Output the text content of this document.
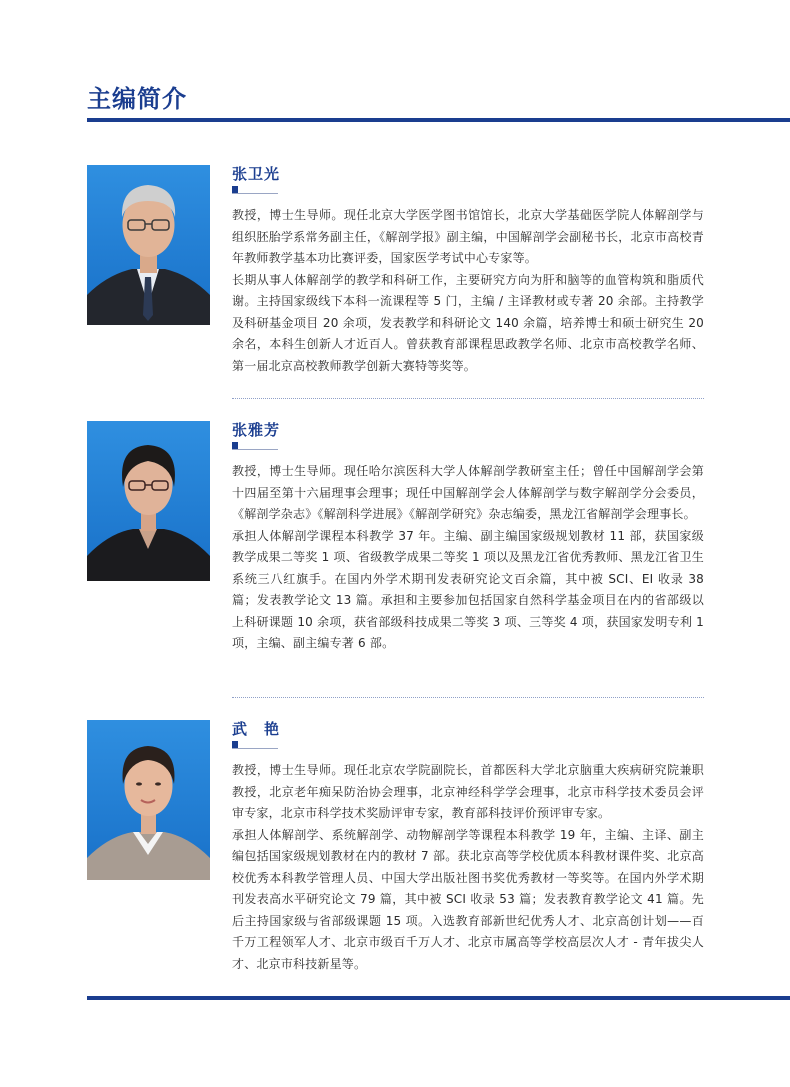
主编简介
张卫光

教授，博士生导师。现任北京大学医学图书馆馆长，北京大学基础医学院人体解剖学与组织胚胎学系常务副主任，《解剖学报》副主编，中国解剖学会副秘书长，北京市高校青年教师教学基本功比赛评委，国家医学考试中心专家等。

长期从事人体解剖学的教学和科研工作，主要研究方向为肝和脑等的血管构筑和脂质代谢。主持国家级线下本科一流课程等 5 门，主编 / 主译教材或专著 20 余部。主持教学及科研基金项目 20 余项，发表教学和科研论文 140 余篇，培养博士和硕士研究生 20 余名，本科生创新人才近百人。曾获教育部课程思政教学名师、北京市高校教学名师、第一届北京高校教师教学创新大赛特等奖等。

张雅芳

教授，博士生导师。现任哈尔滨医科大学人体解剖学教研室主任；曾任中国解剖学会第十四届至第十六届理事会理事；现任中国解剖学会人体解剖学与数字解剖学分会委员，《解剖学杂志》《解剖科学进展》《解剖学研究》杂志编委，黑龙江省解剖学会理事长。

承担人体解剖学课程本科教学 37 年。主编、副主编国家级规划教材 11 部，获国家级教学成果二等奖 1 项、省级教学成果二等奖 1 项以及黑龙江省优秀教师、黑龙江省卫生系统三八红旗手。在国内外学术期刊发表研究论文百余篇，其中被 SCI、EI 收录 38 篇；发表教学论文 13 篇。承担和主要参加包括国家自然科学基金项目在内的省部级以上科研课题 10 余项，获省部级科技成果二等奖 3 项、三等奖 4 项，获国家发明专利 1 项，主编、副主编专著 6 部。

武　艳

教授，博士生导师。现任北京农学院副院长，首都医科大学北京脑重大疾病研究院兼职教授，北京老年痴呆防治协会理事，北京神经科学学会理事，北京市科学技术委员会评审专家，北京市科学技术奖励评审专家，教育部科技评价预评审专家。

承担人体解剖学、系统解剖学、动物解剖学等课程本科教学 19 年，主编、主译、副主编包括国家级规划教材在内的教材 7 部。获北京高等学校优质本科教材课件奖、北京高校优秀本科教学管理人员、中国大学出版社图书奖优秀教材一等奖等。在国内外学术期刊发表高水平研究论文 79 篇，其中被 SCI 收录 53 篇；发表教育教学论文 41 篇。先后主持国家级与省部级课题 15 项。入选教育部新世纪优秀人才、北京高创计划——百千万工程领军人才、北京市级百千万人才、北京市属高等学校高层次人才 - 青年拔尖人才、北京市科技新星等。
